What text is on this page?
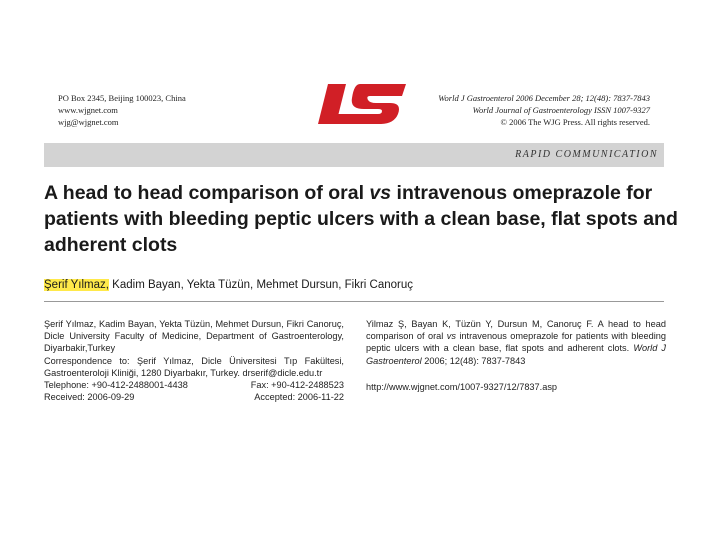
PO Box 2345, Beijing 100023, China
www.wjgnet.com
wjg@wjgnet.com
World J Gastroenterol 2006 December 28; 12(48): 7837-7843
World Journal of Gastroenterology ISSN 1007-9327
© 2006 The WJG Press. All rights reserved.
RAPID COMMUNICATION
A head to head comparison of oral vs intravenous omeprazole for patients with bleeding peptic ulcers with a clean base, flat spots and adherent clots
Şerif Yılmaz, Kadim Bayan, Yekta Tüzün, Mehmet Dursun, Fikri Canoruç

Şerif Yılmaz, Kadim Bayan, Yekta Tüzün, Mehmet Dursun, Fikri Canoruç, Dicle University Faculty of Medicine, Department of Gastroenterology, Diyarbakir,Turkey

Correspondence to: Şerif Yılmaz, Dicle Üniversitesi Tıp Fakültesi, Gastroenteroloji Kliniği, 1280 Diyarbakır, Turkey. drserif@dicle.edu.tr

Telephone: +90-412-2488001-4438	Fax: +90-412-2488523
Received: 2006-09-29	Accepted: 2006-11-22

Yilmaz Ş, Bayan K, Tüzün Y, Dursun M, Canoruç F. A head to head comparison of oral vs intravenous omeprazole for patients with bleeding peptic ulcers with a clean base, flat spots and adherent clots. World J Gastroenterol 2006; 12(48): 7837-7843

http://www.wjgnet.com/1007-9327/12/7837.asp
